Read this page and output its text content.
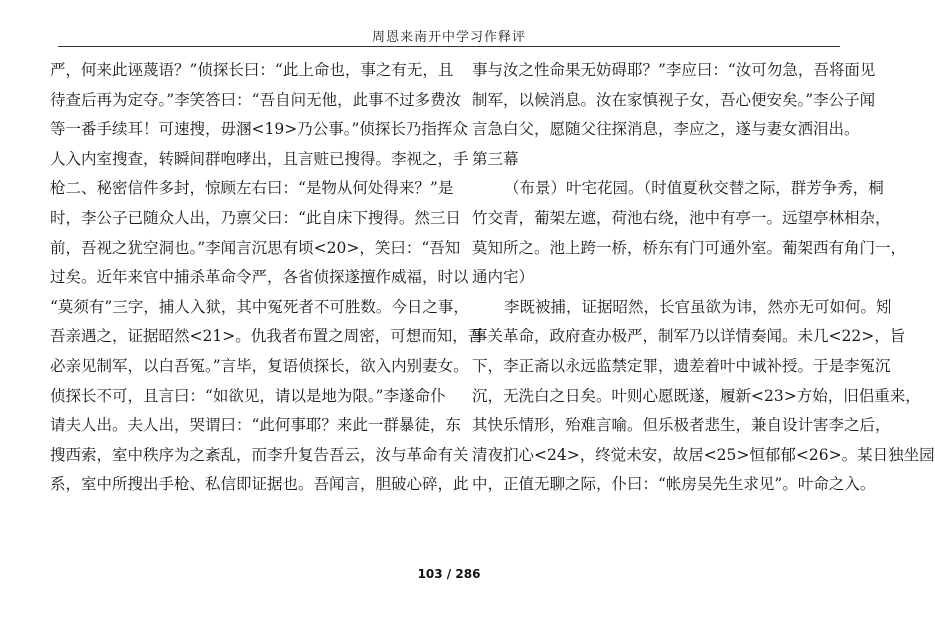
周恩来南开中学习作释评
严，何来此诬蔑语？”侦探长曰：“此上命也，事之有无，且
待查后再为定夺。”李笑答曰：“吾自问无他，此事不过多费汝
等一番手续耳！可速搜，毋溷<19>乃公事。”侦探长乃指挥众
人入内室搜查，转瞬间群咆哮出，且言赃已搜得。李视之，手
枪二、秘密信件多封，惊顾左右曰：“是物从何处得来？”是
时，李公子已随众人出，乃禀父曰：“此自床下搜得。然三日
前，吾视之犹空洞也。”李闻言沉思有顷<20>，笑曰：“吾知
过矣。近年来官中捕杀革命令严，各省侦探遂擅作威福，时以
“莫须有”三字，捕人入狱，其中冤死者不可胜数。今日之事，
吾亲遇之，证据昭然<21>。仇我者布置之周密，可想而知，吾
必亲见制军，以白吾冤。”言毕，复语侦探长，欲入内别妻女。
侦探长不可，且言曰：“如欲见，请以是地为限。”李遂命仆
请夫人出。夫人出，哭谓曰：“此何事耶？来此一群暴徒，东
搜西索，室中秩序为之紊乱，而李升复告吾云，汝与革命有关
系，室中所搜出手枪、私信即证据也。吾闻言，胆破心碎，此
事与汝之性命果无妨碍耶？”李应曰：“汝可勿急，吾将面见
制军，以候消息。汝在家慎视子女，吾心便安矣。”李公子闻
言急白父，愿随父往探消息，李应之，遂与妻女洒泪出。
第三幕
（布景）叶宅花园。（时值夏秋交替之际，群芳争秀，桐
竹交青，葡架左遮，荷池右绕，池中有亭一。远望亭林相杂，
莫知所之。池上跨一桥，桥东有门可通外室。葡架西有角门一，
通内宅）
李既被捕，证据昭然，长官虽欲为讳，然亦无可如何。矧
事关革命，政府查办极严，制军乃以详情奏闻。未几<22>，旨
下，李正斋以永远监禁定罪，遗差着叶中诚补授。于是李冤沉
沉，无洗白之日矣。叶则心愿既遂，履新<23>方始，旧侣重来，
其快乐情形，殆难言喻。但乐极者悲生，兼自设计害李之后，
清夜扪心<24>，终觉未安，故居<25>恒郁郁<26>。某日独坐园
中，正值无聊之际，仆曰：“帐房吴先生求见”。叶命之入。
103 / 286
